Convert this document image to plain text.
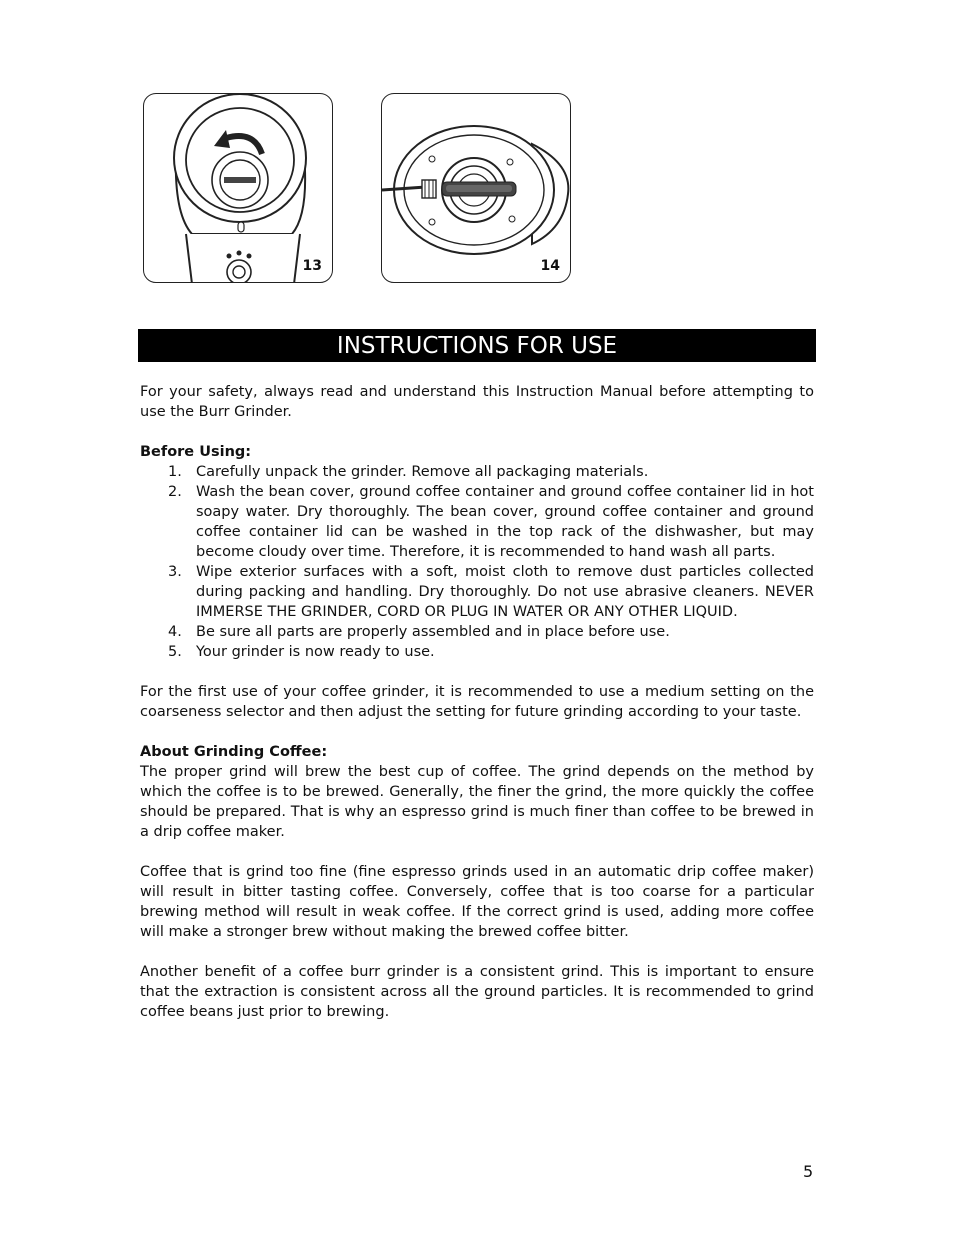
13	14
INSTRUCTIONS FOR USE

For your safety, always read and understand this Instruction Manual before attempting to use the Burr Grinder.

Before Using:
1. Carefully unpack the grinder. Remove all packaging materials.
2. Wash the bean cover, ground coffee container and ground coffee container lid in hot soapy water. Dry thoroughly. The bean cover, ground coffee container and ground coffee container lid can be washed in the top rack of the dishwasher, but may become cloudy over time. Therefore, it is recommended to hand wash all parts.
3. Wipe exterior surfaces with a soft, moist cloth to remove dust particles collected during packing and handling. Dry thoroughly. Do not use abrasive cleaners. NEVER IMMERSE THE GRINDER, CORD OR PLUG IN WATER OR ANY OTHER LIQUID.
4. Be sure all parts are properly assembled and in place before use.
5. Your grinder is now ready to use.

For the first use of your coffee grinder, it is recommended to use a medium setting on the coarseness selector and then adjust the setting for future grinding according to your taste.

About Grinding Coffee:

The proper grind will brew the best cup of coffee. The grind depends on the method by which the coffee is to be brewed. Generally, the finer the grind, the more quickly the coffee should be prepared. That is why an espresso grind is much finer than coffee to be brewed in a drip coffee maker.

Coffee that is grind too fine (fine espresso grinds used in an automatic drip coffee maker) will result in bitter tasting coffee. Conversely, coffee that is too coarse for a particular brewing method will result in weak coffee. If the correct grind is used, adding more coffee will make a stronger brew without making the brewed coffee bitter.

Another benefit of a coffee burr grinder is a consistent grind. This is important to ensure that the extraction is consistent across all the ground particles. It is recommended to grind coffee beans just prior to brewing.

5
